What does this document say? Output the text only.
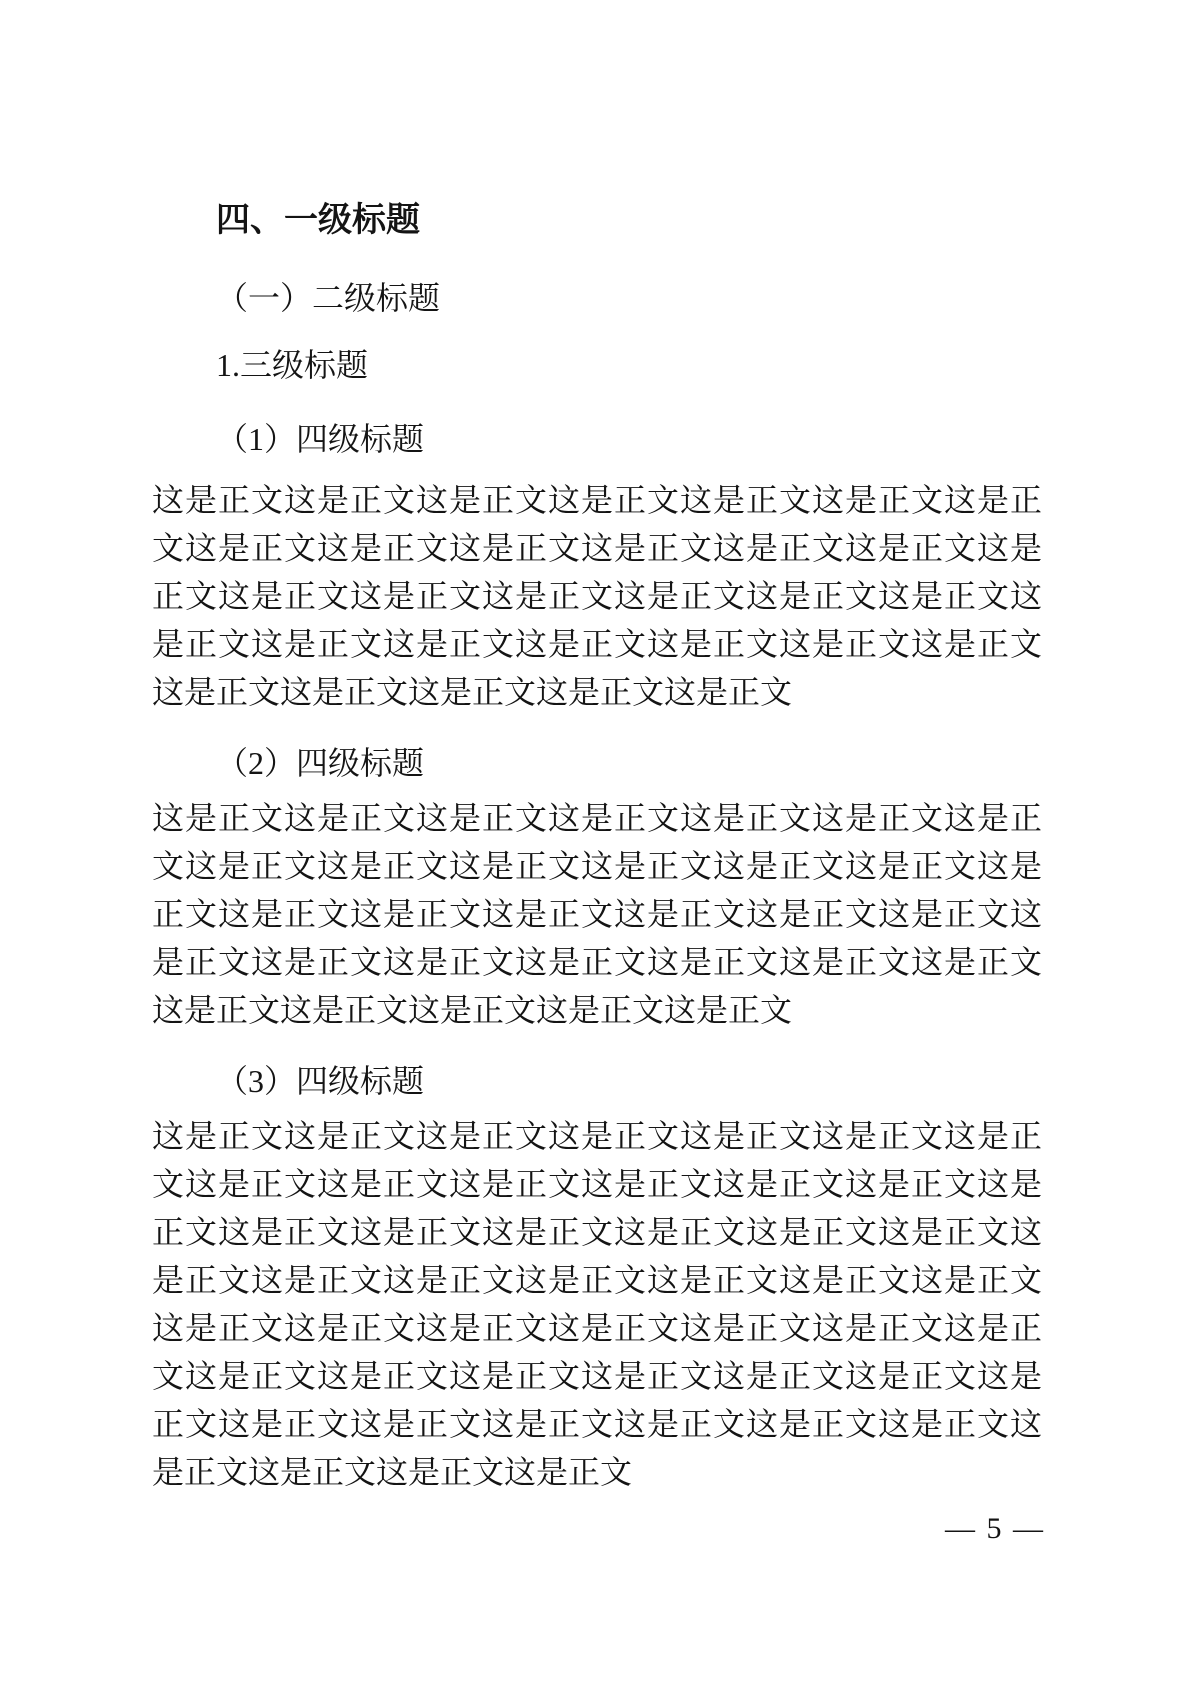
四、一级标题
（一）二级标题
1.三级标题
（1）四级标题
这是正文这是正文这是正文这是正文这是正文这是正文这是正
文这是正文这是正文这是正文这是正文这是正文这是正文这是
正文这是正文这是正文这是正文这是正文这是正文这是正文这
是正文这是正文这是正文这是正文这是正文这是正文这是正文
这是正文这是正文这是正文这是正文这是正文
（2）四级标题
这是正文这是正文这是正文这是正文这是正文这是正文这是正
文这是正文这是正文这是正文这是正文这是正文这是正文这是
正文这是正文这是正文这是正文这是正文这是正文这是正文这
是正文这是正文这是正文这是正文这是正文这是正文这是正文
这是正文这是正文这是正文这是正文这是正文
（3）四级标题
这是正文这是正文这是正文这是正文这是正文这是正文这是正
文这是正文这是正文这是正文这是正文这是正文这是正文这是
正文这是正文这是正文这是正文这是正文这是正文这是正文这
是正文这是正文这是正文这是正文这是正文这是正文这是正文
这是正文这是正文这是正文这是正文这是正文这是正文这是正
文这是正文这是正文这是正文这是正文这是正文这是正文这是
正文这是正文这是正文这是正文这是正文这是正文这是正文这
是正文这是正文这是正文这是正文
— 5 —
